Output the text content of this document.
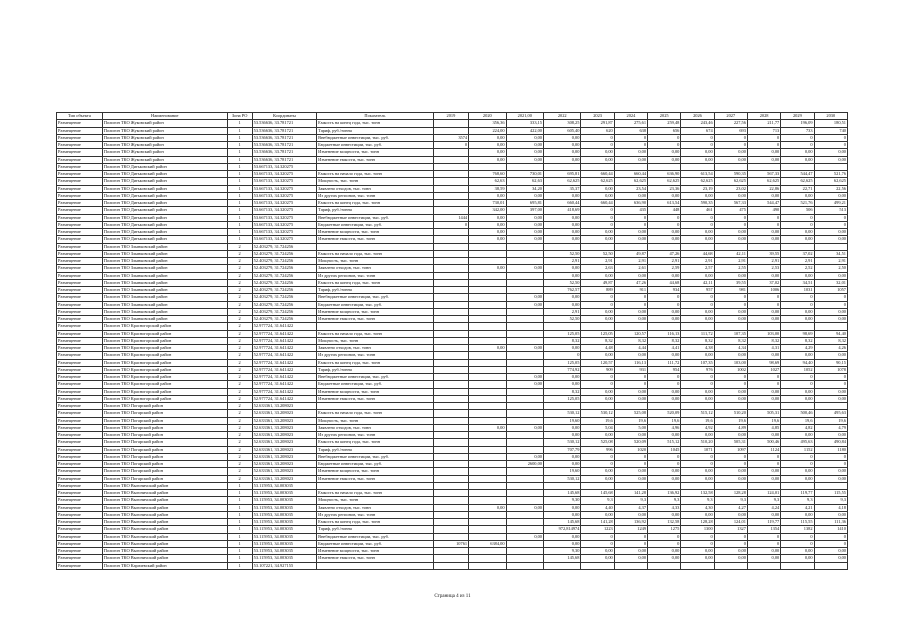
Тип объекта	Наименование	Зона РО	Координаты	Показатель	2019	2020	2021,00	2022	2023	2024	2025	2026	2027	2028	2029	2030
Размещение	Полигон ТКО Жуковский район	1	53.536636, 33.781721	Емкость на конец года, тыс. тонн		356,36	333,15	308,25	291,87	275,61	259,48	243,46	227,56	211,77	196,09	180,51
Размещение	Полигон ТКО Жуковский район	1	53.536636, 33.781721	Тариф, руб./тонна		224,00	422,00	605,40	620	638	656	674	693	713	733	740
Размещение	Полигон ТКО Жуковский район	1	53.536636, 33.781721	Внебюджетные инвестиции, тыс. руб.	3574	0,00	0,00	0,00	0	0	0	0	0	0	0	0
Размещение	Полигон ТКО Жуковский район	1	53.536636, 33.781721	Бюджетные инвестиции, тыс. руб.	0	0,00	0,00	0,00	0	0	0	0	0	0	0	0
Размещение	Полигон ТКО Жуковский район	1	53.536636, 33.781721	Изменение мощности, тыс. тонн		0,00	0,00	0,00	0,00	0,00	0,00	0,00	0,00	0,00	0,00	0,00
Размещение	Полигон ТКО Жуковский район	1	53.536636, 33.781721	Изменение емкости, тыс. тонн		0,00	0,00	0,00	0,00	0,00	0,00	0,00	0,00	0,00	0,00	0,00
Размещение	Полигон ТКО Дятьковский район	1	53.667133, 34.320275													
Размещение	Полигон ТКО Дятьковский район	1	53.667133, 34.320275	Емкость на начало года, тыс. тонн		768,60	730,01	695,81	660,44	660,44	636,90	613,54	590,35	567,33	544,47	521,76
Размещение	Полигон ТКО Дятьковский район	1	53.667133, 34.320275	Мощность, тыс. тонн		62,63	62,63	62,625	62,625	62,625	62,625	62,625	62,625	62,625	62,625	62,625
Размещение	Полигон ТКО Дятьковский район	1	53.667133, 34.320275	Заявлено отходов, тыс. тонн		38,59	34,20	35,37	0,00	23,54	23,36	23,19	23,02	22,86	22,71	22,56
Размещение	Полигон ТКО Дятьковский район	1	53.667133, 34.320275	Из других регионов, тыс. тонн		0,00	0,00	0,00	0,00	0,00	0,00	0,00	0,00	0,00	0,00	0,00
Размещение	Полигон ТКО Дятьковский район	1	53.667133, 34.320275	Емкость на конец года, тыс. тонн		730,01	695,81	660,44	660,44	636,90	613,54	590,35	567,33	544,47	521,76	499,21
Размещение	Полигон ТКО Дятьковский район	1	53.667133, 34.320275	Тариф, руб./тонна		342,00	397,00	418,69	0	435	448	461	475	490	506	513
Размещение	Полигон ТКО Дятьковский район	1	53.667133, 34.320275	Внебюджетные инвестиции, тыс. руб.	1444	0,00	0,00	0,00	0	0	0	0	0	0	0	0
Размещение	Полигон ТКО Дятьковский район	1	53.667133, 34.320275	Бюджетные инвестиции, тыс. руб.	0	0,00	0,00	0,00	0	0	0	0	0	0	0	0
Размещение	Полигон ТКО Дятьковский район	1	53.667133, 34.320275	Изменение мощности, тыс. тонн		0,00	0,00	0,00	0,00	0,00	0,00	0,00	0,00	0,00	0,00	0,00
Размещение	Полигон ТКО Дятьковский район	1	53.667133, 34.320275	Изменение емкости, тыс. тонн		0,00	0,00	0,00	0,00	0,00	0,00	0,00	0,00	0,00	0,00	0,00
Размещение	Полигон ТКО Злынковский район	2	52.403279, 31.724256													
Размещение	Полигон ТКО Злынковский район	2	52.403279, 31.724256	Емкость на начало года, тыс. тонн				52,50	52,50	49,87	47,26	44,68	42,11	39,55	37,02	34,51
Размещение	Полигон ТКО Злынковский район	2	52.403279, 31.724256	Мощность, тыс. тонн				2,91	2,91	2,91	2,91	2,91	2,91	2,91	2,91	2,91
Размещение	Полигон ТКО Злынковский район	2	52.403279, 31.724256	Заявлено отходов, тыс. тонн		0,00	0,00	0,00	2,63	2,61	2,59	2,57	2,55	2,53	2,52	2,50
Размещение	Полигон ТКО Злынковский район	2	52.403279, 31.724256	Из других регионов, тыс. тонн				0,00	0,00	0,00	0,00	0,00	0,00	0,00	0,00	0,00
Размещение	Полигон ТКО Злынковский район	2	52.403279, 31.724256	Емкость на конец года, тыс. тонн				52,50	49,87	47,26	44,68	42,11	39,55	37,02	34,51	32,01
Размещение	Полигон ТКО Злынковский район	2	52.403279, 31.724256	Тариф, руб./тонна				762,57	889	911	934	957	981	1006	1031	1057
Размещение	Полигон ТКО Злынковский район	2	52.403279, 31.724256	Внебюджетные инвестиции, тыс. руб.			0,00	0,00	0	0	0	0	0	0	0	0
Размещение	Полигон ТКО Злынковский район	2	52.403279, 31.724256	Бюджетные инвестиции, тыс. руб.			0,00	0,00	0	0	0	0	0	0	0	0
Размещение	Полигон ТКО Злынковский район	2	52.403279, 31.724256	Изменение мощности, тыс. тонн				2,91	0,00	0,00	0,00	0,00	0,00	0,00	0,00	0,00
Размещение	Полигон ТКО Злынковский район	2	52.403279, 31.724256	Изменение емкости, тыс. тонн				52,50	0,00	0,00	0,00	0,00	0,00	0,00	0,00	0,00
Размещение	Полигон ТКО Красногорский район	2	52.977724, 31.641422													
Размещение	Полигон ТКО Красногорский район	2	52.977724, 31.641422	Емкость на начало года, тыс. тонн				125,05	125,05	120,57	116,13	111,72	107,35	103,00	98,69	94,40
Размещение	Полигон ТКО Красногорский район	2	52.977724, 31.641422	Мощность, тыс. тонн				8,32	8,32	8,32	8,32	8,32	8,32	8,32	8,32	8,32
Размещение	Полигон ТКО Красногорский район	2	52.977724, 31.641422	Заявлено отходов, тыс. тонн		0,00	0,00	0,00	4,48	4,44	4,41	4,38	4,34	4,31	4,29	4,26
Размещение	Полигон ТКО Красногорский район	2	52.977724, 31.641422	Из других регионов, тыс. тонн				0	0,00	0,00	0,00	0,00	0,00	0,00	0,00	0,00
Размещение	Полигон ТКО Красногорский район	2	52.977724, 31.641422	Емкость на конец года, тыс. тонн				125,05	120,57	116,13	111,72	107,35	103,00	98,69	94,40	90,15
Размещение	Полигон ТКО Красногорский район	2	52.977724, 31.641422	Тариф, руб./тонна				774,92	909	931	954	976	1002	1027	1052	1078
Размещение	Полигон ТКО Красногорский район	2	52.977724, 31.641422	Внебюджетные инвестиции, тыс. руб.			0,00	0,00	0	0	0	0	0	0	0	0
Размещение	Полигон ТКО Красногорский район	2	52.977724, 31.641422	Бюджетные инвестиции, тыс. руб.			0,00	0,00	0	0	0	0	0	0	0	0
Размещение	Полигон ТКО Красногорский район	2	52.977724, 31.641422	Изменение мощности, тыс. тонн				8,32	0,00	0,00	0,00	0,00	0,00	0,00	0,00	0,00
Размещение	Полигон ТКО Красногорский район	2	52.977724, 31.641422	Изменение емкости, тыс. тонн				125,05	0,00	0,00	0,00	0,00	0,00	0,00	0,00	0,00
Размещение	Полигон ТКО Погарский район	2	52.633361, 33.208023													
Размещение	Полигон ТКО Погарский район	2	52.633361, 33.208023	Емкость на начало года, тыс. тонн				530,12	530,12	525,08	520,09	515,12	510,20	505,31	500,46	495,63
Размещение	Полигон ТКО Погарский район	2	52.633361, 33.208023	Мощность, тыс. тонн				19,60	19,6	19,6	19,6	19,6	19,6	19,6	19,6	19,6
Размещение	Полигон ТКО Погарский район	2	52.633361, 33.208023	Заявлено отходов, тыс. тонн		0,00	0,00	0,00	5,04	5,00	4,96	4,92	4,89	4,85	4,82	4,79
Размещение	Полигон ТКО Погарский район	2	52.633361, 33.208023	Из других регионов, тыс. тонн				0,00	0,00	0,00	0,00	0,00	0,00	0,00	0,00	0,00
Размещение	Полигон ТКО Погарский район	2	52.633361, 33.208023	Емкость на конец года, тыс. тонн				530,12	525,08	520,09	515,12	510,20	505,31	500,46	495,63	490,84
Размещение	Полигон ТКО Погарский район	2	52.633361, 33.208023	Тариф, руб./тонна				707,79	996	1020	1045	1071	1097	1124	1152	1180
Размещение	Полигон ТКО Погарский район	2	52.633361, 33.208023	Внебюджетные инвестиции, тыс. руб.			0,00	0,00	0	0	0	0	0	0	0	0
Размещение	Полигон ТКО Погарский район	2	52.633361, 33.208023	Бюджетные инвестиции, тыс. руб.			2600,00	0,00	0	0	0	0	0	0	0	0
Размещение	Полигон ТКО Погарский район	2	52.633361, 33.208023	Изменение мощности, тыс. тонн				19,60	0,00	0,00	0,00	0,00	0,00	0,00	0,00	0,00
Размещение	Полигон ТКО Погарский район	2	52.633361, 33.208023	Изменение емкости, тыс. тонн				530,12	0,00	0,00	0,00	0,00	0,00	0,00	0,00	0,00
Размещение	Полигон ТКО Выгоничский район	1	53.115953, 34.003035													
Размещение	Полигон ТКО Выгоничский район	1	53.115953, 34.003035	Емкость на начало года, тыс. тонн				145,68	145,68	141,28	136,92	132,58	128,28	124,01	119,77	115,55
Размещение	Полигон ТКО Выгоничский район	1	53.115953, 34.003035	Мощность, тыс. тонн				9,30	9,3	9,3	9,3	9,3	9,3	9,3	9,3	9,3
Размещение	Полигон ТКО Выгоничский район	1	53.115953, 34.003035	Заявлено отходов, тыс. тонн		0,00	0,00	0,00	4,40	4,37	4,33	4,30	4,27	4,24	4,21	4,18
Размещение	Полигон ТКО Выгоничский район	1	53.115953, 34.003035	Из других регионов, тыс. тонн				0,00	0,00	0,00	0,00	0,00	0,00	0,00	0,00	0,00
Размещение	Полигон ТКО Выгоничский район	1	53.115953, 34.003035	Емкость на конец года, тыс. тонн				145,68	141,28	136,92	132,58	128,28	124,01	119,77	115,55	111,36
Размещение	Полигон ТКО Выгоничский район	1	53.115953, 34.003035	Тариф, руб./тонна				972,814974	1223	1249	1275	1300	1327	1354	1382	1410
Размещение	Полигон ТКО Выгоничский район	1	53.115953, 34.003035	Внебюджетные инвестиции, тыс. руб.			0,00	0,00	0	0	0	0	0	0	0	0
Размещение	Полигон ТКО Выгоничский район	1	53.115953, 34.003035	Бюджетные инвестиции, тыс. руб.	10761	6384,00		0,00	0	0	0	0	0	0	0	0
Размещение	Полигон ТКО Выгоничский район	1	53.115953, 34.003035	Изменение мощности, тыс. тонн				9,30	0,00	0,00	0,00	0,00	0,00	0,00	0,00	0,00
Размещение	Полигон ТКО Выгоничский район	1	53.115953, 34.003035	Изменение емкости, тыс. тонн				145,68	0,00	0,00	0,00	0,00	0,00	0,00	0,00	0,00
Размещение	Полигон ТКО Карачевский район	1	53.107221, 34.927155													
Страница 4 из 11
